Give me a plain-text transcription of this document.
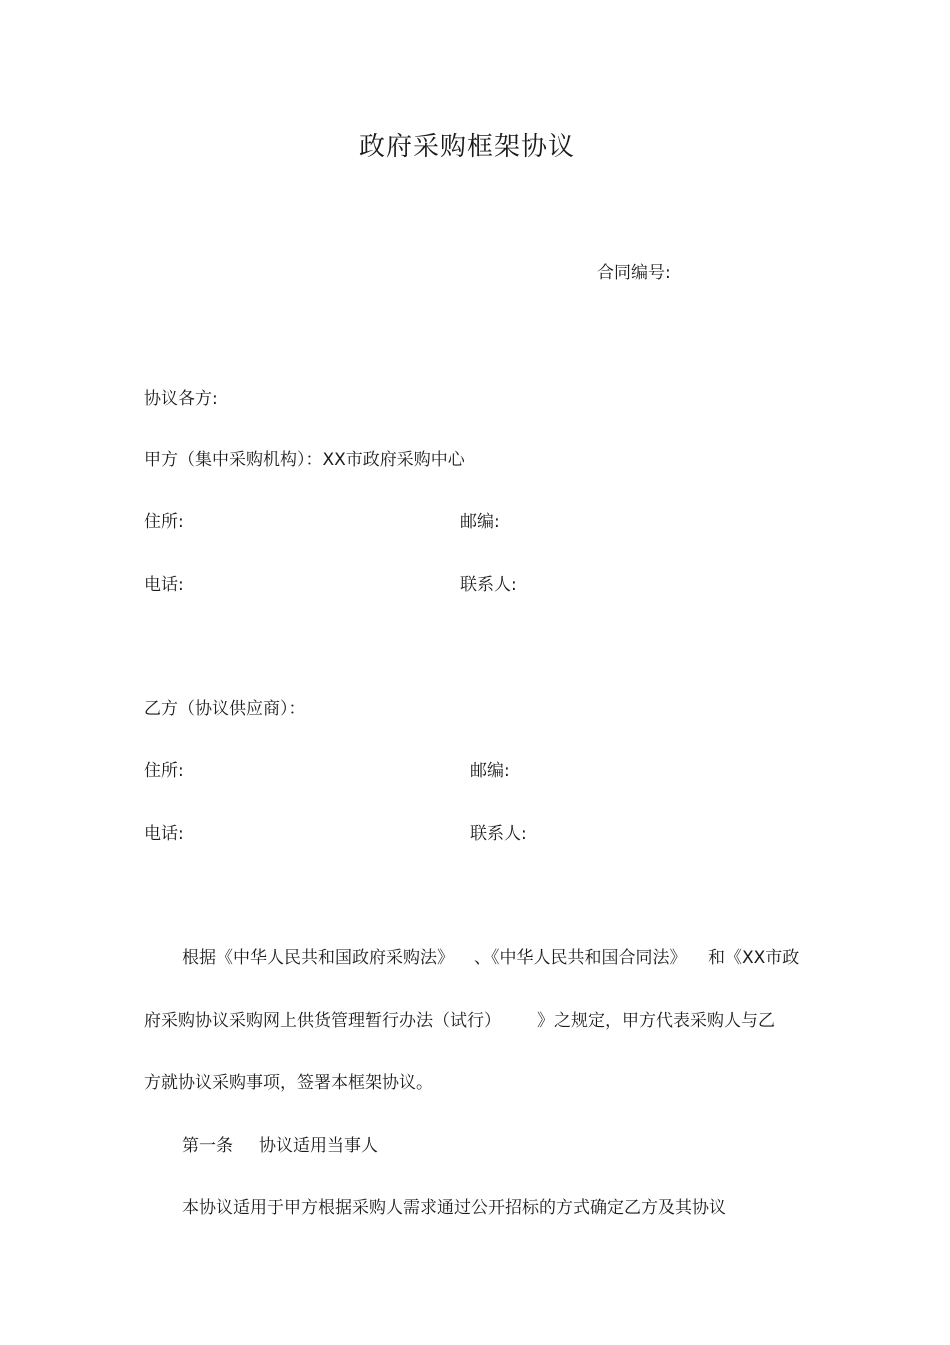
政府采购框架协议
合同编号:
协议各方:
甲方（集中采购机构）：XX市政府采购中心
住所:	邮编:
电话:	联系人:
乙方（协议供应商）：
住所:	邮编:
电话:	联系人:
根据《中华人民共和国政府采购法》 、《中华人民共和国合同法》 和《XX市政
府采购协议采购网上供货管理暂行办法（试行） 》之规定，甲方代表采购人与乙
方就协议采购事项，签署本框架协议。
第一条 协议适用当事人
本协议适用于甲方根据采购人需求通过公开招标的方式确定乙方及其协议
